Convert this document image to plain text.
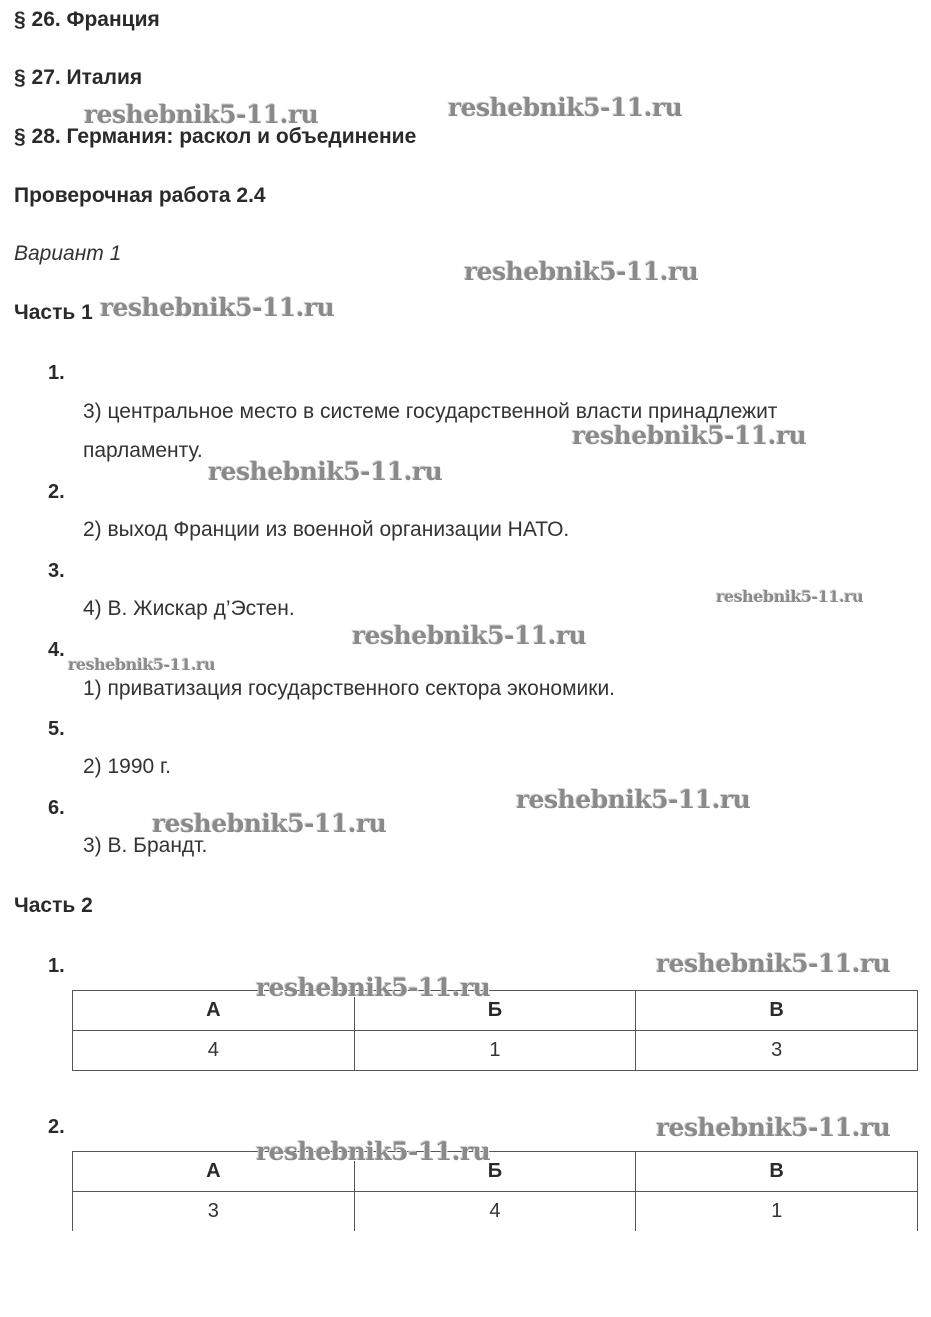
§ 26. Франция
§ 27. Италия
§ 28. Германия: раскол и объединение
Проверочная работа 2.4
Вариант 1
Часть 1
1.
3) центральное место в системе государственной власти принадлежит парламенту.
2.
2) выход Франции из военной организации НАТО.
3.
4) В. Жискар д’Эстен.
4.
1) приватизация государственного сектора экономики.
5.
2) 1990 г.
6.
3) В. Брандт.
Часть 2
1.
А	Б	В
4	1	3
2.
А	Б	В
3	4	1
reshebnik5-11.ru	reshebnik5-11.ru
reshebnik5-11.ru
reshebnik5-11.ru
reshebnik5-11.ru
reshebnik5-11.ru
reshebnik5-11.ru
reshebnik5-11.ru
reshebnik5-11.ru
reshebnik5-11.ru
reshebnik5-11.ru
reshebnik5-11.ru
reshebnik5-11.ru
reshebnik5-11.ru
reshebnik5-11.ru
